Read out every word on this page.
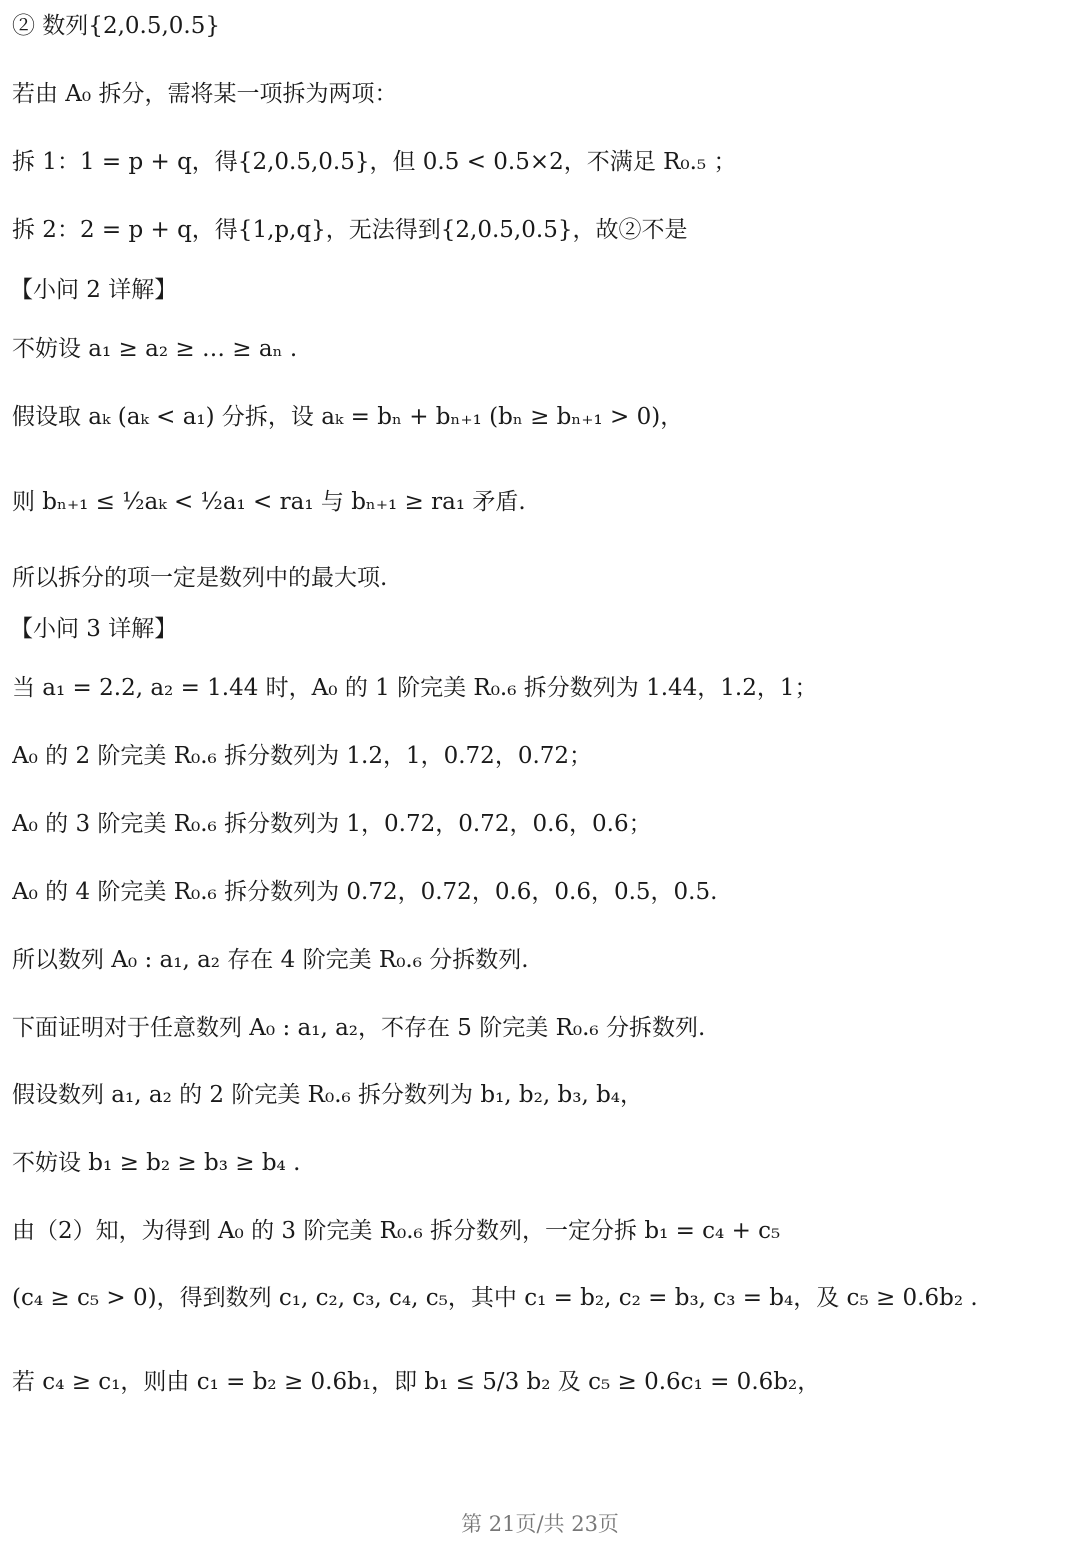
② 数列{2,0.5,0.5}
若由 A₀ 拆分，需将某一项拆为两项：
拆 1：1 = p + q，得{2,0.5,0.5}，但 0.5 < 0.5×2，不满足 R₀.₅ ；
拆 2：2 = p + q，得{1,p,q}，无法得到{2,0.5,0.5}，故②不是
【小问 2 详解】
不妨设 a₁ ≥ a₂ ≥ … ≥ aₙ .
假设取 aₖ (aₖ < a₁) 分拆，设 aₖ = bₙ + bₙ₊₁ (bₙ ≥ bₙ₊₁ > 0)，
则 bₙ₊₁ ≤ ½aₖ < ½a₁ < ra₁ 与 bₙ₊₁ ≥ ra₁ 矛盾.
所以拆分的项一定是数列中的最大项.
【小问 3 详解】
当 a₁ = 2.2, a₂ = 1.44 时，A₀ 的 1 阶完美 R₀.₆ 拆分数列为 1.44，1.2，1；
A₀ 的 2 阶完美 R₀.₆ 拆分数列为 1.2，1，0.72，0.72；
A₀ 的 3 阶完美 R₀.₆ 拆分数列为 1，0.72，0.72，0.6，0.6；
A₀ 的 4 阶完美 R₀.₆ 拆分数列为 0.72，0.72，0.6，0.6，0.5，0.5.
所以数列 A₀ : a₁, a₂ 存在 4 阶完美 R₀.₆ 分拆数列.
下面证明对于任意数列 A₀ : a₁, a₂，不存在 5 阶完美 R₀.₆ 分拆数列.
假设数列 a₁, a₂ 的 2 阶完美 R₀.₆ 拆分数列为 b₁, b₂, b₃, b₄，
不妨设 b₁ ≥ b₂ ≥ b₃ ≥ b₄ .
由（2）知，为得到 A₀ 的 3 阶完美 R₀.₆ 拆分数列，一定分拆 b₁ = c₄ + c₅
(c₄ ≥ c₅ > 0)，得到数列 c₁, c₂, c₃, c₄, c₅，其中 c₁ = b₂, c₂ = b₃, c₃ = b₄，及 c₅ ≥ 0.6b₂ .
若 c₄ ≥ c₁，则由 c₁ = b₂ ≥ 0.6b₁，即 b₁ ≤ 5/3 b₂ 及 c₅ ≥ 0.6c₁ = 0.6b₂，
第 21页/共 23页
